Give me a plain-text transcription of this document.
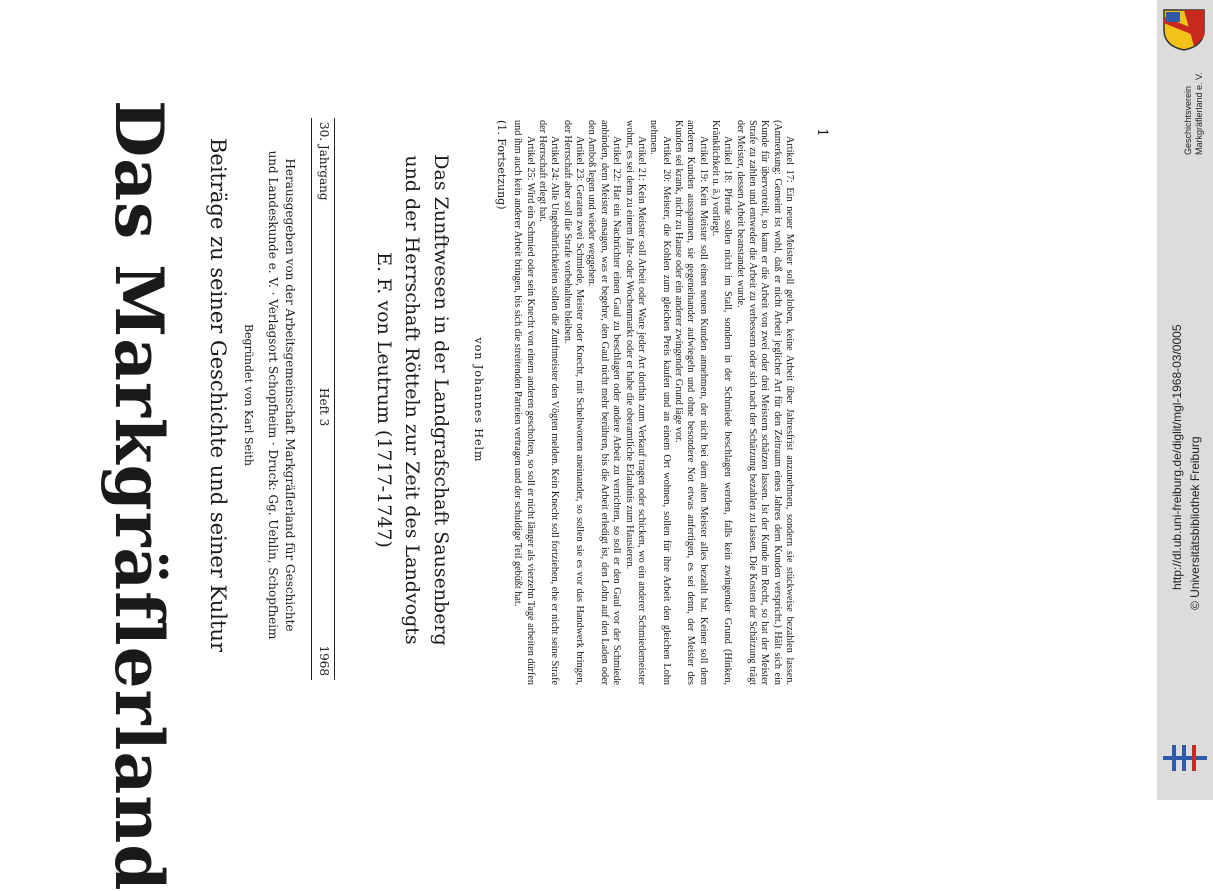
Das Markgräflerland Beiträge zu seiner Geschichte und seiner Kultur Begründet von Karl Seith Herausgegeben von der Arbeitsgemeinschaft Markgräflerland für Geschichte
und Landeskunde e. V. · Verlagsort Schopfheim · Druck: Gg. Uehlin, Schopfheim	30. Jahrgang
Heft 3
1968
Das Zunftwesen in der Landgrafschaft Sausenberg
und der Herrschaft Rötteln zur Zeit des Landvogts
E. F. von Leutrum (1717-1747)	von Johannes Helm
(1. Fortsetzung)	Artikel 17: Ein neuer Meister soll geloben, keine Arbeit über Jahresfrist anzunehmen, sondern sie stückweise bezahlen lassen. (Anmerkung: Gemeint ist wohl, daß er nicht Arbeit jeglicher Art für den Zeitraum eines Jahres dem Kunden verspricht.) Hält sich ein Kunde für übervorteilt, so kann er die Arbeit von zwei oder drei Meistern schätzen lassen. Ist der Kunde im Recht, so hat der Meister Strafe zu zahlen und entweder die Arbeit zu verbessern oder sich nach der Schätzung bezahlen zu lassen. Die Kosten der Schätzung trägt der Meister, dessen Arbeit beanstandet wurde.

Artikel 18: Pferde sollen nicht im Stall, sondern in der Schmiede beschlagen werden, falls kein zwingender Grund (Hinken, Kränklichkeit u. ä.) vorliegt.

Artikel 19: Kein Meister soll einen neuen Kunden annehmen, der nicht bei dem alten Meister alles bezahlt hat. Keiner soll dem anderen Kunden ausspannen, sie gegeneinander aufwiegeln und ohne besondere Not etwas anfertigen, es sei denn, der Meister des Kunden sei krank, nicht zu Hause oder ein anderer zwingender Grund läge vor.

Artikel 20: Meister, die Kohlen zum gleichen Preis kaufen und an einem Ort wohnen, sollen für ihre Arbeit den gleichen Lohn nehmen.

Artikel 21: Kein Meister soll Arbeit oder Ware jeder Art dorthin zum Verkauf tragen oder schicken, wo ein anderer Schmiedemeister wohnt, es sei denn zu einem Jahr- oder Wochenmarkt oder er habe die oberamtliche Erlaubnis zum Hausieren.

Artikel 22: Hat ein Nachrichter einen Gaul zu beschlagen oder andere Arbeit zu verrichten, so soll er den Gaul vor der Schmiede anbinden, dem Meister ansagen, was er begehre, den Gaul nicht mehr berühren, bis die Arbeit erledigt ist, den Lohn auf den Laden oder den Amboß legen und wieder weggehen.

Artikel 23: Geraten zwei Schmiede, Meister oder Knecht, mit Scheltworten aneinander, so sollen sie es vor das Handwerk bringen, der Herrschaft aber soll die Strafe vorbehalten bleiben.

Artikel 24: Alle Ungebührlichkeiten sollen die Zunftmeister den Vögten melden. Kein Knecht soll fortziehen, ehe er nicht seine Strafe der Herrschaft erlegt hat.

Artikel 25: Wird ein Schmied oder sein Knecht von einem anderen gescholten, so soll er nicht länger als vierzehn Tage arbeiten dürfen und ihm auch kein anderer Arbeit bringen, bis sich die streitenden Parteien vertragen und der schuldige Teil gebüßt hat.	1
http://dl.ub.uni-freiburg.de/diglit/mgl-1968-03/0005 © Universitätsbibliothek Freiburg
Geschichtsverein Markgräflerland e. V.
